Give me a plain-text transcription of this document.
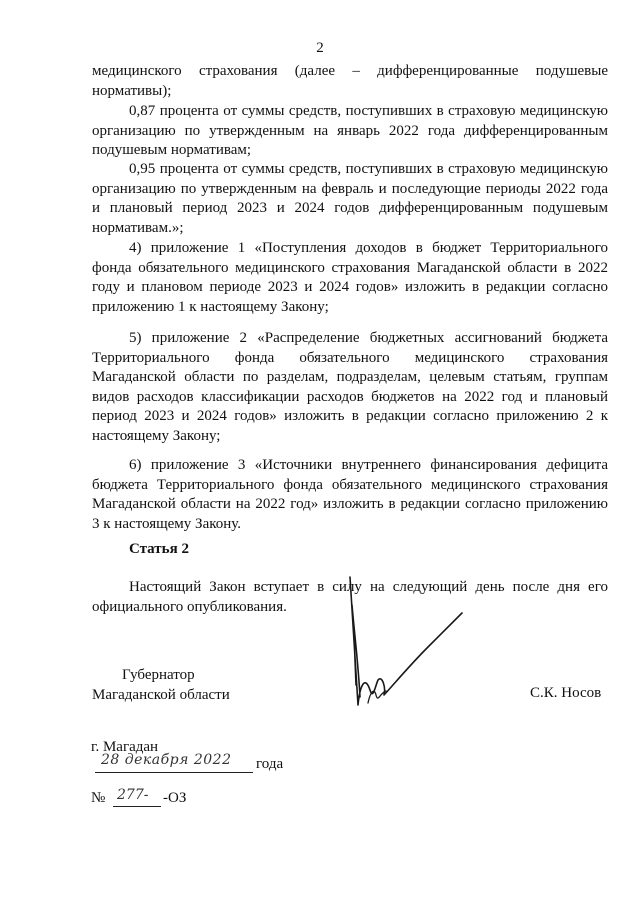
2

медицинского страхования (далее – дифференцированные подушевые нормативы);

0,87 процента от суммы средств, поступивших в страховую медицинскую организацию по утвержденным на январь 2022 года дифференцированным подушевым нормативам;

0,95 процента от суммы средств, поступивших в страховую медицинскую организацию по утвержденным на февраль и последующие периоды 2022 года и плановый период 2023 и 2024 годов дифференцированным подушевым нормативам.»;

4) приложение 1 «Поступления доходов в бюджет Территориального фонда обязательного медицинского страхования Магаданской области в 2022 году и плановом периоде 2023 и 2024 годов» изложить в редакции согласно приложению 1 к настоящему Закону;

5) приложение 2 «Распределение бюджетных ассигнований бюджета Территориального фонда обязательного медицинского страхования Магаданской области по разделам, подразделам, целевым статьям, группам видов расходов классификации расходов бюджетов на 2022 год и плановый период 2023 и 2024 годов» изложить в редакции согласно приложению 2 к настоящему Закону;

6) приложение 3 «Источники внутреннего финансирования дефицита бюджета Территориального фонда обязательного медицинского страхования Магаданской области на 2022 год» изложить в редакции согласно приложению 3 к настоящему Закону.

Статья 2

Настоящий Закон вступает в силу на следующий день после дня его официального опубликования.

Губернатор
Магаданской области	С.К. Носов
г. Магадан
28 декабря 2022 года
№ 277- -ОЗ
